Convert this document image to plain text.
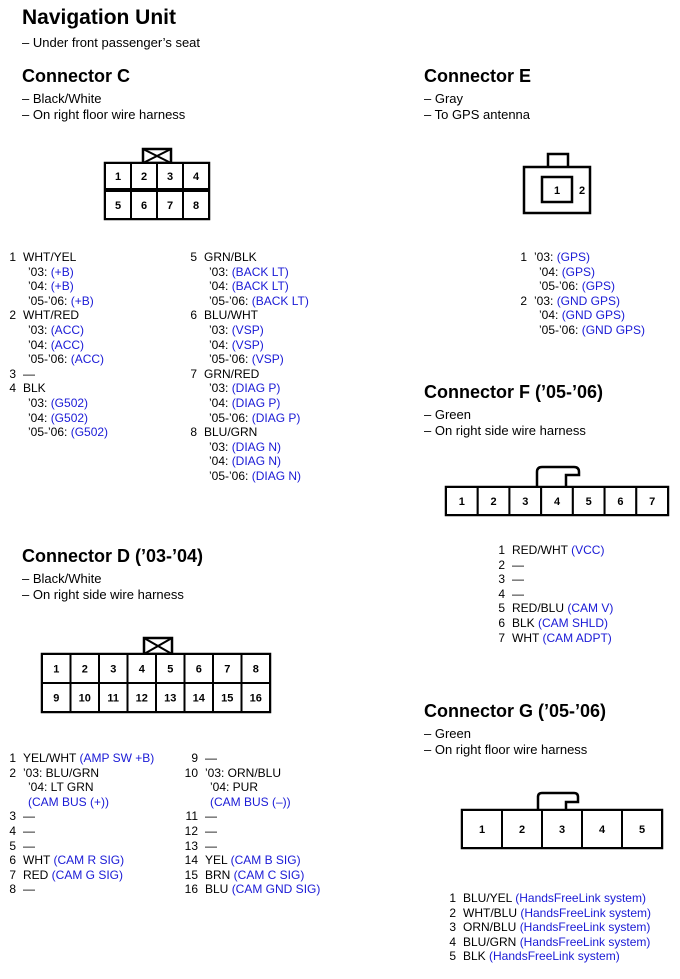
Navigation Unit
– Under front passenger’s seat
Connector C
– Black/White
– On right floor wire harness
1 2 3 4
5 6 7 8
1 WHT/YEL
’03: (+B)
’04: (+B)
’05-’06: (+B)
2 WHT/RED
’03: (ACC)
’04: (ACC)
’05-’06: (ACC)
3 —
4 BLK
’03: (G502)
’04: (G502)
’05-’06: (G502)
5 GRN/BLK
’03: (BACK LT)
’04: (BACK LT)
’05-’06: (BACK LT)
6 BLU/WHT
’03: (VSP)
’04: (VSP)
’05-’06: (VSP)
7 GRN/RED
’03: (DIAG P)
’04: (DIAG P)
’05-’06: (DIAG P)
8 BLU/GRN
’03: (DIAG N)
’04: (DIAG N)
’05-’06: (DIAG N)
Connector E
– Gray
– To GPS antenna
1 2
1 ’03: (GPS)
’04: (GPS)
’05-’06: (GPS)
2 ’03: (GND GPS)
’04: (GND GPS)
’05-’06: (GND GPS)
Connector F (’05-’06)
– Green
– On right side wire harness
1 2 3 4 5 6 7
1 RED/WHT (VCC)
2 —
3 —
4 —
5 RED/BLU (CAM V)
6 BLK (CAM SHLD)
7 WHT (CAM ADPT)
Connector D (’03-’04)
– Black/White
– On right side wire harness
1
9
2
10
3
11
4
12
5
13
6
14
7
15
8
16
1 YEL/WHT (AMP SW +B)
2 ’03: BLU/GRN
’04: LT GRN
(CAM BUS (+))
3 —
4 —
5 —
6 WHT (CAM R SIG)
7 RED (CAM G SIG)
8 —
9 —
10 ’03: ORN/BLU
’04: PUR
(CAM BUS (–))
11 —
12 —
13 —
14 YEL (CAM B SIG)
15 BRN (CAM C SIG)
16 BLU (CAM GND SIG)
Connector G (’05-’06)
– Green
– On right floor wire harness
1	2	3	4	5
1 BLU/YEL (HandsFreeLink system)
2 WHT/BLU (HandsFreeLink system)
3 ORN/BLU (HandsFreeLink system)
4 BLU/GRN (HandsFreeLink system)
5 BLK (HandsFreeLink system)
